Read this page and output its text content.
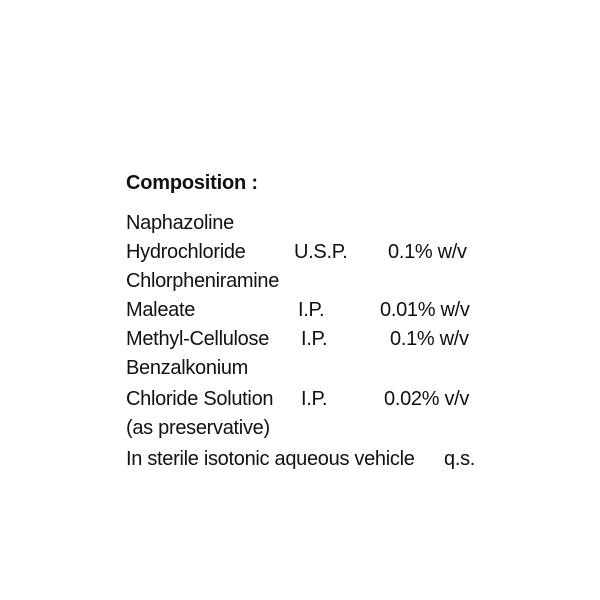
Composition :
Naphazoline
Hydrochloride U.S.P. 0.1% w/v
Chlorpheniramine
Maleate	I.P.	0.01% w/v
Methyl-Cellulose I.P.	0.1% w/v
Benzalkonium
Chloride Solution I.P.	0.02% v/v
(as preservative)
In sterile isotonic aqueous vehicle q.s.
